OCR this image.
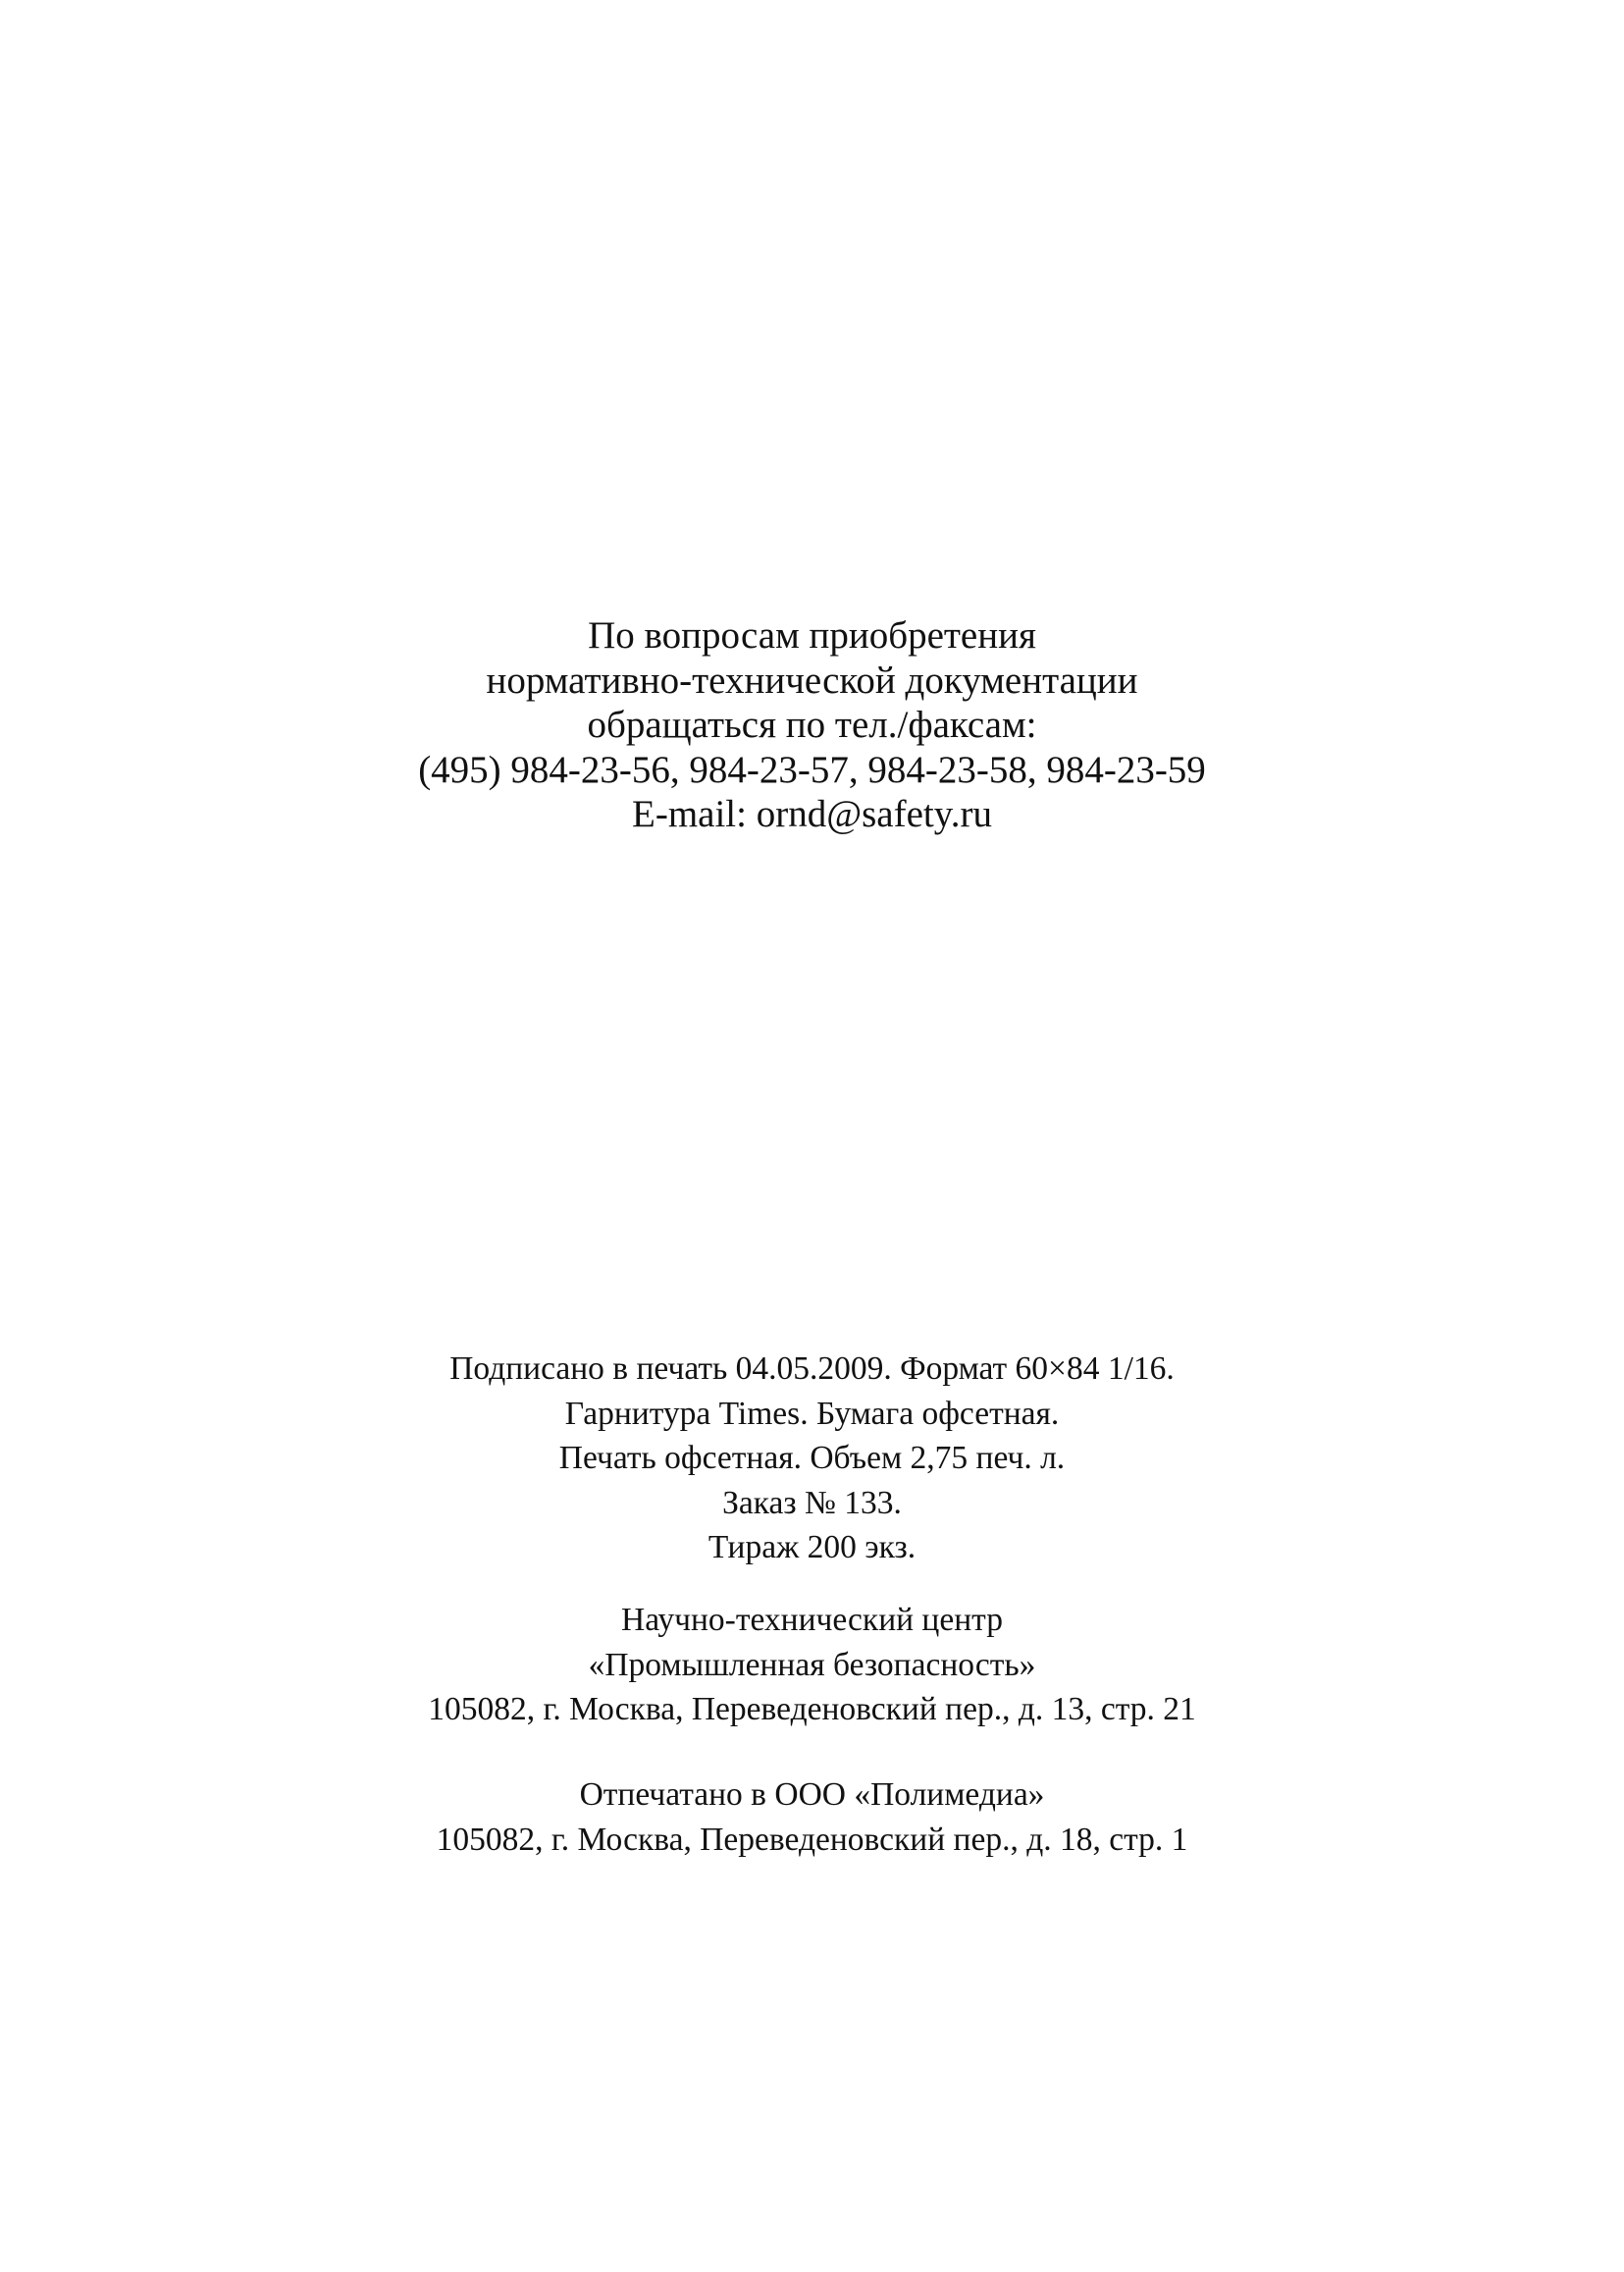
По вопросам приобретения
нормативно-технической документации
обращаться по тел./факсам:
(495) 984-23-56, 984-23-57, 984-23-58, 984-23-59
E-mail: ornd@safety.ru
Подписано в печать 04.05.2009. Формат 60×84 1/16.
Гарнитура Times. Бумага офсетная.
Печать офсетная. Объем 2,75 печ. л.
Заказ № 133.
Тираж 200 экз.
Научно-технический центр
«Промышленная безопасность»
105082, г. Москва, Переведеновский пер., д. 13, стр. 21
Отпечатано в ООО «Полимедиа»
105082, г. Москва, Переведеновский пер., д. 18, стр. 1
